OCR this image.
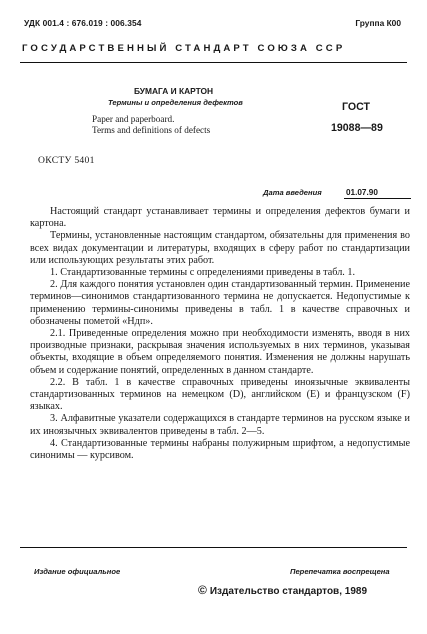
УДК 001.4 : 676.019 : 006.354	Группа К00
ГОСУДАРСТВЕННЫЙ СТАНДАРТ СОЮЗА ССР
БУМАГА И КАРТОН
Термины и определения дефектов
Paper and paperboard.
Terms and definitions of defects
ГОСТ
19088—89
ОКСТУ 5401
Дата введения	01.07.90

Настоящий стандарт устанавливает термины и определения дефектов бумаги и картона.

Термины, установленные настоящим стандартом, обязательны для применения во всех видах документации и литературы, входящих в сферу работ по стандартизации или использующих результаты этих работ.

1. Стандартизованные термины с определениями приведены в табл. 1.

2. Для каждого понятия установлен один стандартизованный термин. Применение терминов—синонимов стандартизованного термина не допускается. Недопустимые к применению термины-синонимы приведены в табл. 1 в качестве справочных и обозначены пометой «Ндп».

2.1. Приведенные определения можно при необходимости изменять, вводя в них производные признаки, раскрывая значения используемых в них терминов, указывая объекты, входящие в объем определяемого понятия. Изменения не должны нарушать объем и содержание понятий, определенных в данном стандарте.

2.2. В табл. 1 в качестве справочных приведены иноязычные эквиваленты стандартизованных терминов на немецком (D), английском (E) и французском (F) языках.

3. Алфавитные указатели содержащихся в стандарте терминов на русском языке и их иноязычных эквивалентов приведены в табл. 2—5.

4. Стандартизованные термины набраны полужирным шрифтом, а недопустимые синонимы — курсивом.

Издание официальное	Перепечатка воспрещена
© Издательство стандартов, 1989
